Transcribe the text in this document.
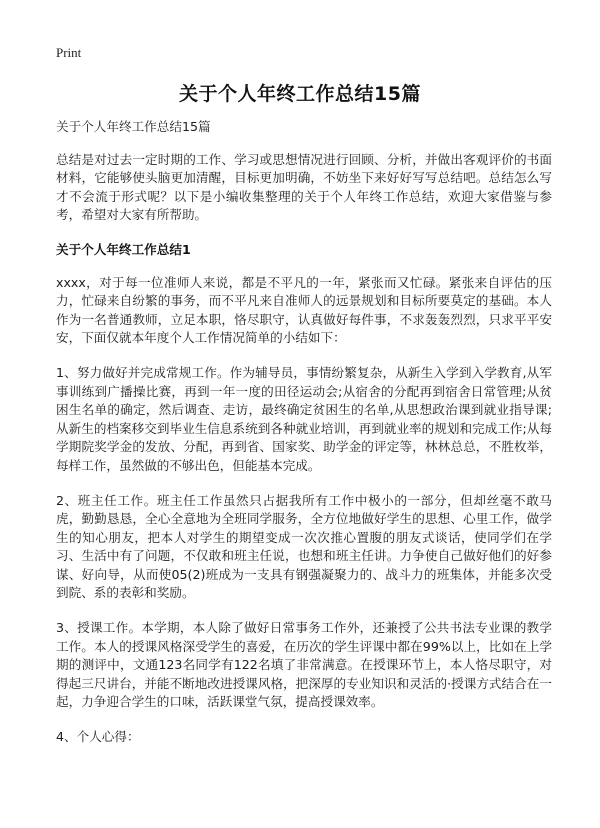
Print
关于个人年终工作总结15篇

关于个人年终工作总结15篇

总结是对过去一定时期的工作、学习或思想情况进行回顾、分析，并做出客观评价的书面材料，它能够使头脑更加清醒，目标更加明确，不妨坐下来好好写写总结吧。总结怎么写才不会流于形式呢？以下是小编收集整理的关于个人年终工作总结，欢迎大家借鉴与参考，希望对大家有所帮助。

关于个人年终工作总结1

xxxx，对于每一位准师人来说，都是不平凡的一年，紧张而又忙碌。紧张来自评估的压力，忙碌来自纷繁的事务，而不平凡来自准师人的远景规划和目标所要莫定的基础。本人作为一名普通教师，立足本职，恪尽职守，认真做好每件事，不求轰轰烈烈，只求平平安安，下面仅就本年度个人工作情况简单的小结如下：

1、努力做好并完成常规工作。作为辅导员，事情纷繁复杂，从新生入学到入学教育,从军事训练到广播操比赛，再到一年一度的田径运动会;从宿舍的分配再到宿舍日常管理;从贫困生名单的确定，然后调查、走访，最终确定贫困生的名单,从思想政治课到就业指导课;从新生的档案移交到毕业生信息系统到各种就业培训，再到就业率的规划和完成工作;从每学期院奖学金的发放、分配，再到省、国家奖、助学金的评定等，林林总总，不胜枚举，每样工作，虽然做的不够出色，但能基本完成。

2、班主任工作。班主任工作虽然只占据我所有工作中极小的一部分，但却丝毫不敢马虎，勤勤恳恳，全心全意地为全班同学服务，全方位地做好学生的思想、心里工作，做学生的知心朋友，把本人对学生的期望变成一次次推心置腹的朋友式谈话，使同学们在学习、生活中有了问题，不仅敢和班主任说，也想和班主任讲。力争使自己做好他们的好参谋、好向导，从而使05(2)班成为一支具有钢强凝聚力的、战斗力的班集体，并能多次受到院、系的表彰和奖励。

3、授课工作。本学期，本人除了做好日常事务工作外，还兼授了公共书法专业课的教学工作。本人的授课风格深受学生的喜爱，在历次的学生评课中都在99%以上，比如在上学期的测评中，文通123名同学有122名填了非常满意。在授课环节上，本人恪尽职守，对得起三尺讲台，并能不断地改进授课风格，把深厚的专业知识和灵活的·授课方式结合在一起，力争迎合学生的口味，活跃课堂气氛，提高授课效率。

4、个人心得：
